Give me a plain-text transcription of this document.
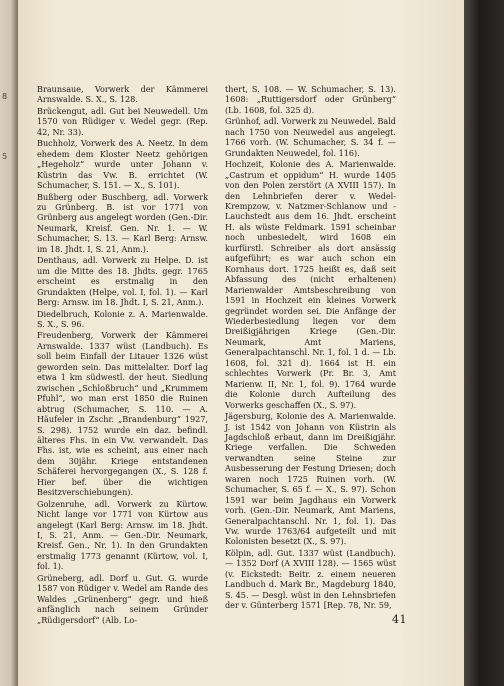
8
5

Braunsaue, Vorwerk der Kämmerei Arnswalde. S. X., S. 128.

Brückengut, adl. Gut bei Neuwedell. Um 1570 von Rüdiger v. Wedel gegr. (Rep. 42, Nr. 33).

Buchholz, Vorwerk des A. Neetz. In dem ehedem dem Kloster Neetz gehörigen „Hegeholz“ wurde unter Johann v. Küstrin das Vw. B. errichtet (W. Schumacher, S. 151. — X., S. 101).

Bußberg oder Buschberg, adl. Vorwerk zu Grünberg. B. ist vor 1771 von Grünberg aus angelegt worden (Gen.-Dir. Neumark, Kreisf. Gen. Nr. 1. — W. Schumacher, S. 13. — Karl Berg: Arnsw. im 18. Jhdt. I, S. 21, Anm.).

Denthaus, adl. Vorwerk zu Helpe. D. ist um die Mitte des 18. Jhdts. gegr. 1765 erscheint es erstmalig in den Grundakten (Helpe, vol. I, fol. 1). — Karl Berg: Arnsw. im 18. Jhdt. I, S. 21, Anm.).

Diedelbruch, Kolonie z. A. Marienwalde. S. X., S. 96.

Freudenberg, Vorwerk der Kämmerei Arnswalde. 1337 wüst (Landbuch). Es soll beim Einfall der Litauer 1326 wüst geworden sein. Das mittelalter. Dorf lag etwa 1 km südwestl. der heut. Siedlung zwischen „Schloßbruch“ und „Krummem Pfuhl“, wo man erst 1850 die Ruinen abtrug (Schumacher, S. 110. — A. Häufeler in Zschr. „Brandenburg“ 1927, S. 298). 1752 wurde ein daz. befindl. älteres Fhs. in ein Vw. verwandelt. Das Fhs. ist, wie es scheint, aus einer nach dem 30jähr. Kriege entstandenen Schäferei hervorgegangen (X., S. 128 f. Hier bef. über die wichtigen Besitzverschiebungen).

Golzenruhe, adl. Vorwerk zu Kürtow. Nicht lange vor 1771 von Kürtow aus angelegt (Karl Berg: Arnsw. im 18. Jhdt. I, S. 21, Anm. — Gen.-Dir. Neumark, Kreisf. Gen., Nr. 1). In den Grundakten erstmalig 1773 genannt (Kürtow, vol. I, fol. 1).

Grüneberg, adl. Dorf u. Gut. G. wurde 1587 von Rüdiger v. Wedel am Rande des Waldes „Grünenberg“ gegr. und hieß anfänglich nach seinem Gründer „Rüdigersdorf“ (Alb. Lo-

thert, S. 108. — W. Schumacher, S. 13). 1608: „Ruttigersdorf oder Grünberg“ (Lb. 1608, fol. 325 d).

Grünhof, adl. Vorwerk zu Neuwedel. Bald nach 1750 von Neuwedel aus angelegt. 1766 vorh. (W. Schumacher, S. 34 f. — Grundakten Neuwedel, fol. 116).

Hochzeit, Kolonie des A. Marienwalde. „Castrum et oppidum“ H. wurde 1405 von den Polen zerstört (A XVIII 157). In den Lehnbriefen derer v. Wedel-Krempzow, v. Natzmer-Schlanow und -Lauchstedt aus dem 16. Jhdt. erscheint H. als wüste Feldmark. 1591 scheinbar noch unbesiedelt, wird 1608 ein kurfürstl. Schreiber als dort ansässig aufgeführt; es war auch schon ein Kornhaus dort. 1725 heißt es, daß seit Abfassung des (nicht erhaltenen) Marienwalder Amtsbeschreibung von 1591 in Hochzeit ein kleines Vorwerk gegründet worden sei. Die Anfänge der Wiederbesiedlung liegen vor dem Dreißigjährigen Kriege (Gen.-Dir. Neumark, Amt Mariens, Generalpachtanschl. Nr. 1, fol. 1 d. — Lb. 1608, fol. 321 d). 1664 ist H. ein schlechtes Vorwerk (Pr. Br. 3, Amt Marienw. II, Nr. 1, fol. 9). 1764 wurde die Kolonie durch Aufteilung des Vorwerks geschaffen (X., S. 97).

Jägersburg, Kolonie des A. Marienwalde. J. ist 1542 von Johann von Küstrin als Jagdschloß erbaut, dann im Dreißigjähr. Kriege verfallen. Die Schweden verwandten seine Steine zur Ausbesserung der Festung Driesen; doch waren noch 1725 Ruinen vorh. (W. Schumacher, S. 65 f. — X., S. 97). Schon 1591 war beim Jagdhaus ein Vorwerk vorh. (Gen.-Dir. Neumark, Amt Mariens, Generalpachtanschl. Nr. 1, fol. 1). Das Vw. wurde 1763/64 aufgeteilt und mit Kolonisten besetzt (X., S. 97).

Kölpin, adl. Gut. 1337 wüst (Landbuch). — 1352 Dorf (A XVIII 128). — 1565 wüst (v. Eickstedt: Beitr. z. einem neueren Landbuch d. Mark Br., Magdeburg 1840, S. 45. — Desgl. wüst in den Lehnsbriefen der v. Günterberg 1571 [Rep. 78, Nr. 59,

41
